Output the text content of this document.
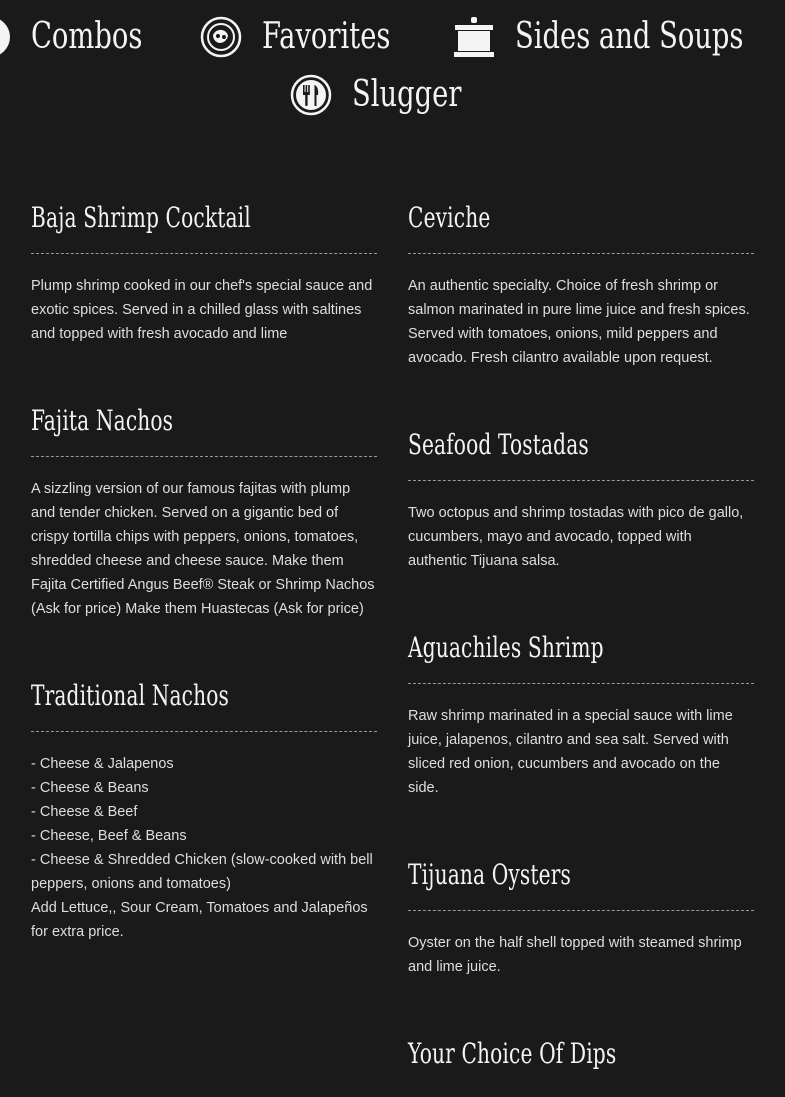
Combos	Favorites	Sides and Soups
Slugger
Baja Shrimp Cocktail
Plump shrimp cooked in our chef's special sauce and exotic spices. Served in a chilled glass with saltines and topped with fresh avocado and lime
Fajita Nachos
A sizzling version of our famous fajitas with plump and tender chicken. Served on a gigantic bed of crispy tortilla chips with peppers, onions, tomatoes, shredded cheese and cheese sauce. Make them Fajita Certified Angus Beef® Steak or Shrimp Nachos (Ask for price) Make them Huastecas (Ask for price)
Traditional Nachos
- Cheese & Jalapenos
- Cheese & Beans
- Cheese & Beef
- Cheese, Beef & Beans
- Cheese & Shredded Chicken (slow-cooked with bell peppers, onions and tomatoes)
Add Lettuce,, Sour Cream, Tomatoes and Jalapeños for extra price.
Ceviche
An authentic specialty. Choice of fresh shrimp or salmon marinated in pure lime juice and fresh spices. Served with tomatoes, onions, mild peppers and avocado. Fresh cilantro available upon request.
Seafood Tostadas
Two octopus and shrimp tostadas with pico de gallo, cucumbers, mayo and avocado, topped with authentic Tijuana salsa.
Aguachiles Shrimp
Raw shrimp marinated in a special sauce with lime juice, jalapenos, cilantro and sea salt. Served with sliced red onion, cucumbers and avocado on the side.
Tijuana Oysters
Oyster on the half shell topped with steamed shrimp and lime juice.
Your Choice Of Dips
